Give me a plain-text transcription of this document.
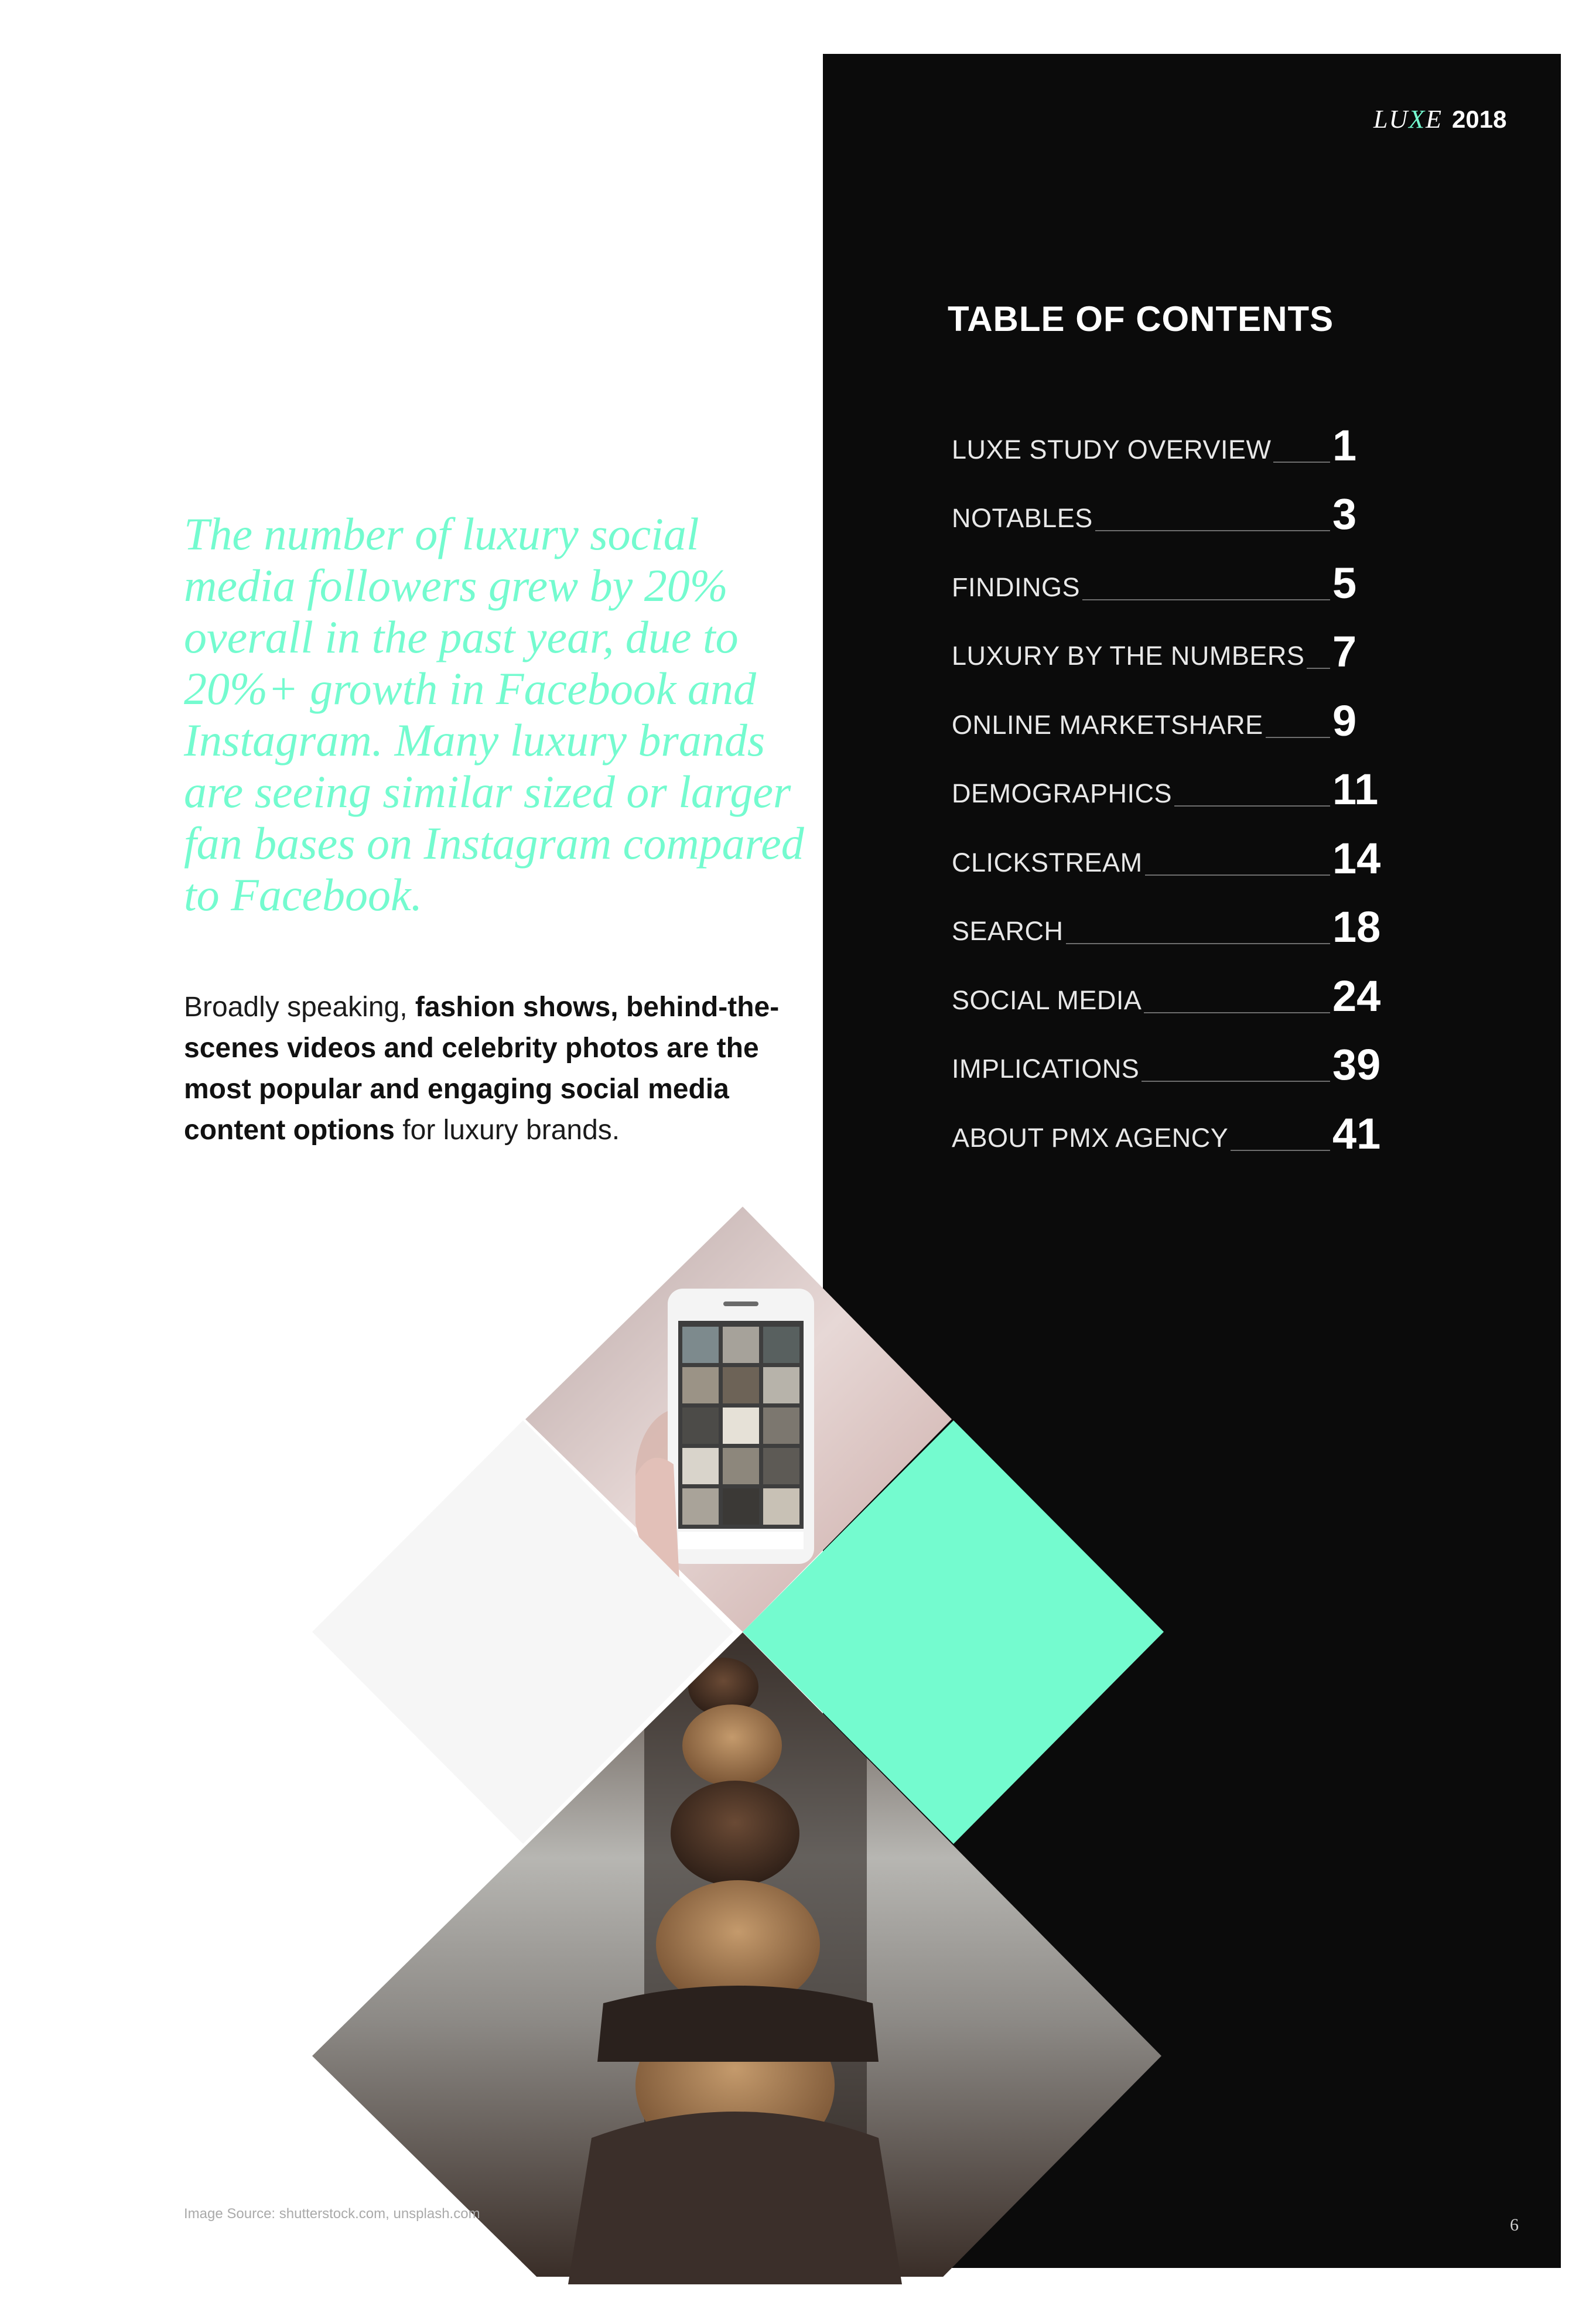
LUXE 2018
TABLE OF CONTENTS
LUXE STUDY OVERVIEW 1
NOTABLES	3
FINDINGS	5
LUXURY BY THE NUMBERS 7
ONLINE MARKETSHARE 9
DEMOGRAPHICS	11
CLICKSTREAM	14
SEARCH	18
SOCIAL MEDIA	24
IMPLICATIONS	39
ABOUT PMX AGENCY 41

The number of luxury social media followers grew by 20% overall in the past year, due to 20%+ growth in Facebook and Instagram. Many luxury brands are seeing similar sized or larger fan bases on Instagram compared to Facebook.

Broadly speaking, fashion shows, behind-the-scenes videos and celebrity photos are the most popular and engaging social media content options for luxury brands.

Image Source: shutterstock.com, unsplash.com
6
